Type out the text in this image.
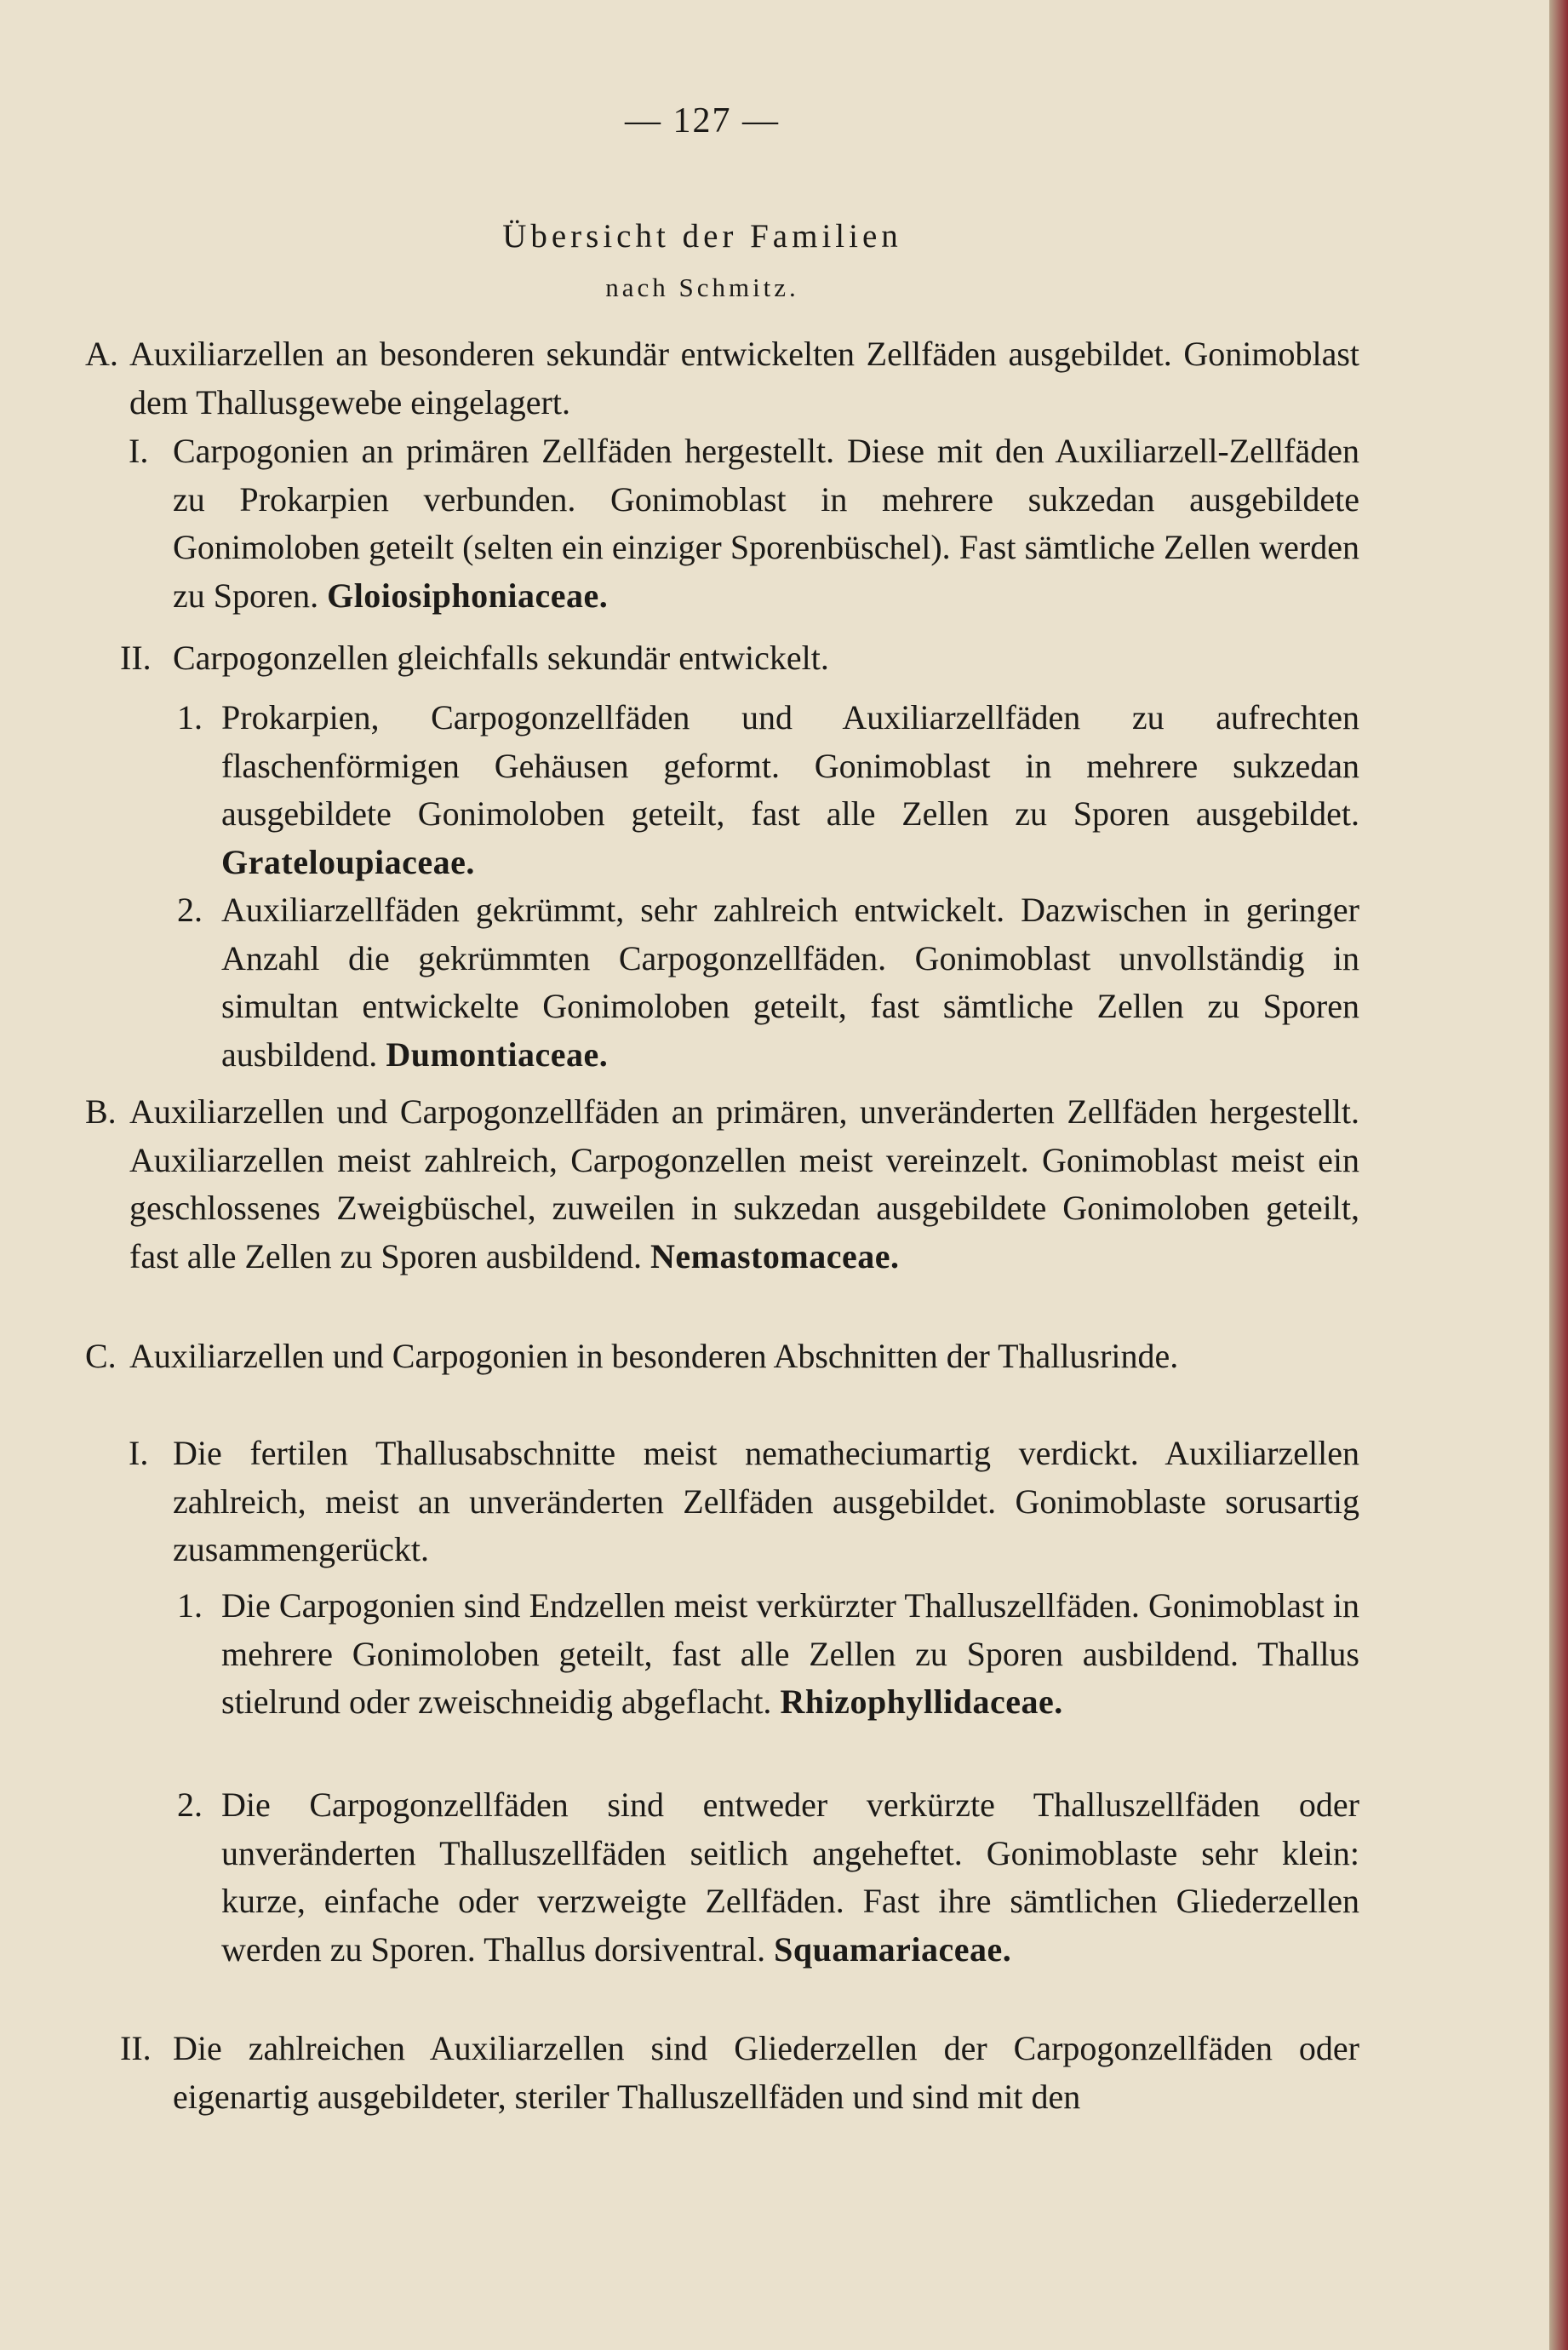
— 127 —
Übersicht der Familien
nach Schmitz.
A. Auxiliarzellen an besonderen sekundär entwickelten Zellfäden ausgebildet. Gonimoblast dem Thallusgewebe eingelagert.
I. Carpogonien an primären Zellfäden hergestellt. Diese mit den Auxiliarzell-Zellfäden zu Prokarpien verbunden. Gonimoblast in mehrere sukzedan ausgebildete Gonimoloben geteilt (selten ein einziger Sporenbüschel). Fast sämtliche Zellen werden zu Sporen. Gloiosiphoniaceae.
II. Carpogonzellen gleichfalls sekundär entwickelt.
1. Prokarpien, Carpogonzellfäden und Auxiliarzellfäden zu aufrechten flaschenförmigen Gehäusen geformt. Gonimoblast in mehrere sukzedan ausgebildete Gonimoloben geteilt, fast alle Zellen zu Sporen ausgebildet. Grateloupiaceae.
2. Auxiliarzellfäden gekrümmt, sehr zahlreich entwickelt. Dazwischen in geringer Anzahl die gekrümmten Carpogonzellfäden. Gonimoblast unvollständig in simultan entwickelte Gonimoloben geteilt, fast sämtliche Zellen zu Sporen ausbildend. Dumontiaceae.
B. Auxiliarzellen und Carpogonzellfäden an primären, unveränderten Zellfäden hergestellt. Auxiliarzellen meist zahlreich, Carpogonzellen meist vereinzelt. Gonimoblast meist ein geschlossenes Zweigbüschel, zuweilen in sukzedan ausgebildete Gonimoloben geteilt, fast alle Zellen zu Sporen ausbildend. Nemastomaceae.
C. Auxiliarzellen und Carpogonien in besonderen Abschnitten der Thallusrinde.
I. Die fertilen Thallusabschnitte meist nematheciumartig verdickt. Auxiliarzellen zahlreich, meist an unveränderten Zellfäden ausgebildet. Gonimoblaste sorusartig zusammengerückt.
1. Die Carpogonien sind Endzellen meist verkürzter Thalluszellfäden. Gonimoblast in mehrere Gonimoloben geteilt, fast alle Zellen zu Sporen ausbildend. Thallus stielrund oder zweischneidig abgeflacht. Rhizophyllidaceae.
2. Die Carpogonzellfäden sind entweder verkürzte Thalluszellfäden oder unveränderten Thalluszellfäden seitlich angeheftet. Gonimoblaste sehr klein: kurze, einfache oder verzweigte Zellfäden. Fast ihre sämtlichen Gliederzellen werden zu Sporen. Thallus dorsiventral. Squamariaceae.
II. Die zahlreichen Auxiliarzellen sind Gliederzellen der Carpogonzellfäden oder eigenartig ausgebildeter, steriler Thalluszellfäden und sind mit den
